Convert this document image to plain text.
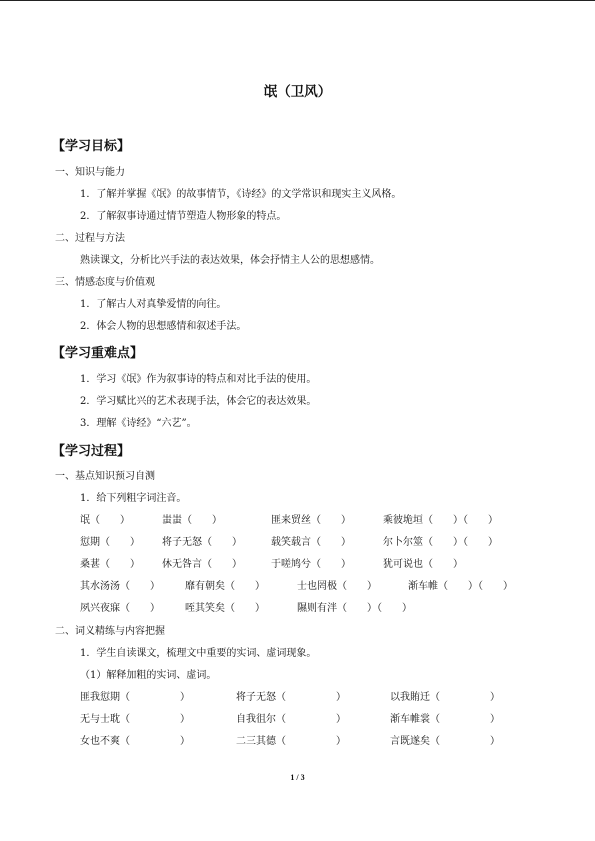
氓（卫风）
【学习目标】
一、知识与能力
1．了解并掌握《氓》的故事情节，《诗经》的文学常识和现实主义风格。
2．了解叙事诗通过情节塑造人物形象的特点。
二、过程与方法
熟读课文，分析比兴手法的表达效果，体会抒情主人公的思想感情。
三、情感态度与价值观
1．了解古人对真挚爱情的向往。
2．体会人物的思想感情和叙述手法。
【学习重难点】
1．学习《氓》作为叙事诗的特点和对比手法的使用。
2．学习赋比兴的艺术表现手法，体会它的表达效果。
3．理解《诗经》“六艺”。
【学习过程】
一、基点知识预习自测
1．给下列粗字词注音。
氓（　　）	蚩蚩（　　）	匪来贸丝（　　）	乘彼垝垣（　　）（　　）
愆期（　　） 将子无怒（　　）	载笑载言（　　）	尔卜尔筮（　　）（　　）
桑葚（　　） 休无咎言（　　）	于嗟鸠兮（　　）	犹可说也（　　）
其水汤汤（　　）	靡有朝矣（　　）	士也罔极（　　）	渐车帷（　　）（　　）
夙兴夜寐（　　）	咥其笑矣（　　）	隰则有泮（　　）（　　）
二、词义精练与内容把握
1．学生自读课文，梳理文中重要的实词、虚词现象。
（1）解释加粗的实词、虚词。
匪我愆期（　　　　　）	将子无怒（　　　　　）	以我賄迁（　　　　　）
无与士耽（　　　　　）	自我徂尔（　　　　　）	渐车帷裳（　　　　　）
女也不爽（　　　　　）	二三其德（　　　　　）	言既遂矣（　　　　　）
1 / 3
